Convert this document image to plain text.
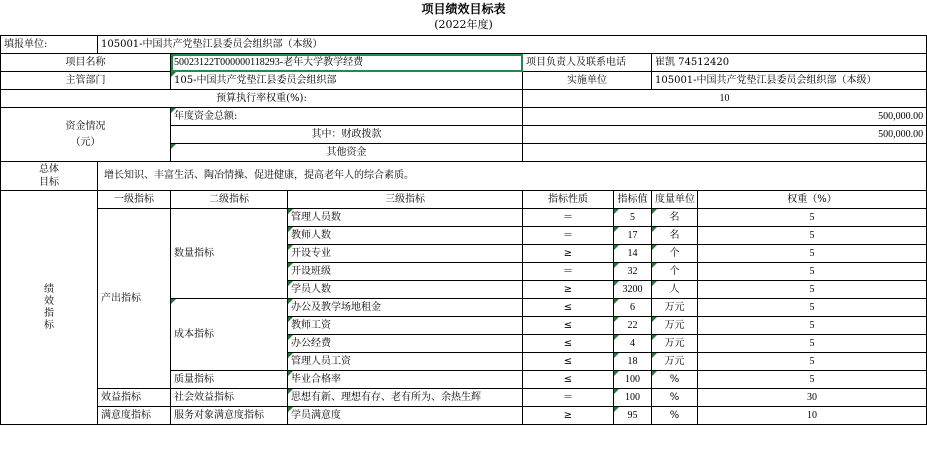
项目绩效目标表
(2022年度)
填报单位:	105001-中国共产党垫江县委员会组织部（本级）						
项目名称		50023122T000000118293-老年大学教学经费		项目负责人及联系电话		崔凯 74512420	
主管部门		105-中国共产党垫江县委员会组织部		实施单位		105001-中国共产党垫江县委员会组织部（本级）	
预算执行率权重(%):				10			

资金情况
（元）		年度资金总额:		500,000.00			
		其中：财政拨款		500,000.00			
		其他资金					

总体
目标	增长知识、丰富生活、陶冶情操、促进健康，提高老年人的综合素质。						

绩效指标	一级指标	二级指标	三级指标	指标性质	指标值	度量单位	权重（%）
	产出指标	数量指标	管理人员数	＝	5	名	5
			教师人数	＝	17	名	5
			开设专业	≥	14	个	5
			开设班级	＝	32	个	5
			学员人数	≥	3200	人	5
		成本指标	办公及教学场地租金	≤	6	万元	5
			教师工资	≤	22	万元	5
			办公经费	≤	4	万元	5
			管理人员工资	≤	18	万元	5
		质量指标	毕业合格率	≤	100	%	5
	效益指标	社会效益指标	思想有新、理想有存、老有所为、余热生辉	＝	100	%	30
	满意度指标	服务对象满意度指标	学员满意度	≥	95	%	10
